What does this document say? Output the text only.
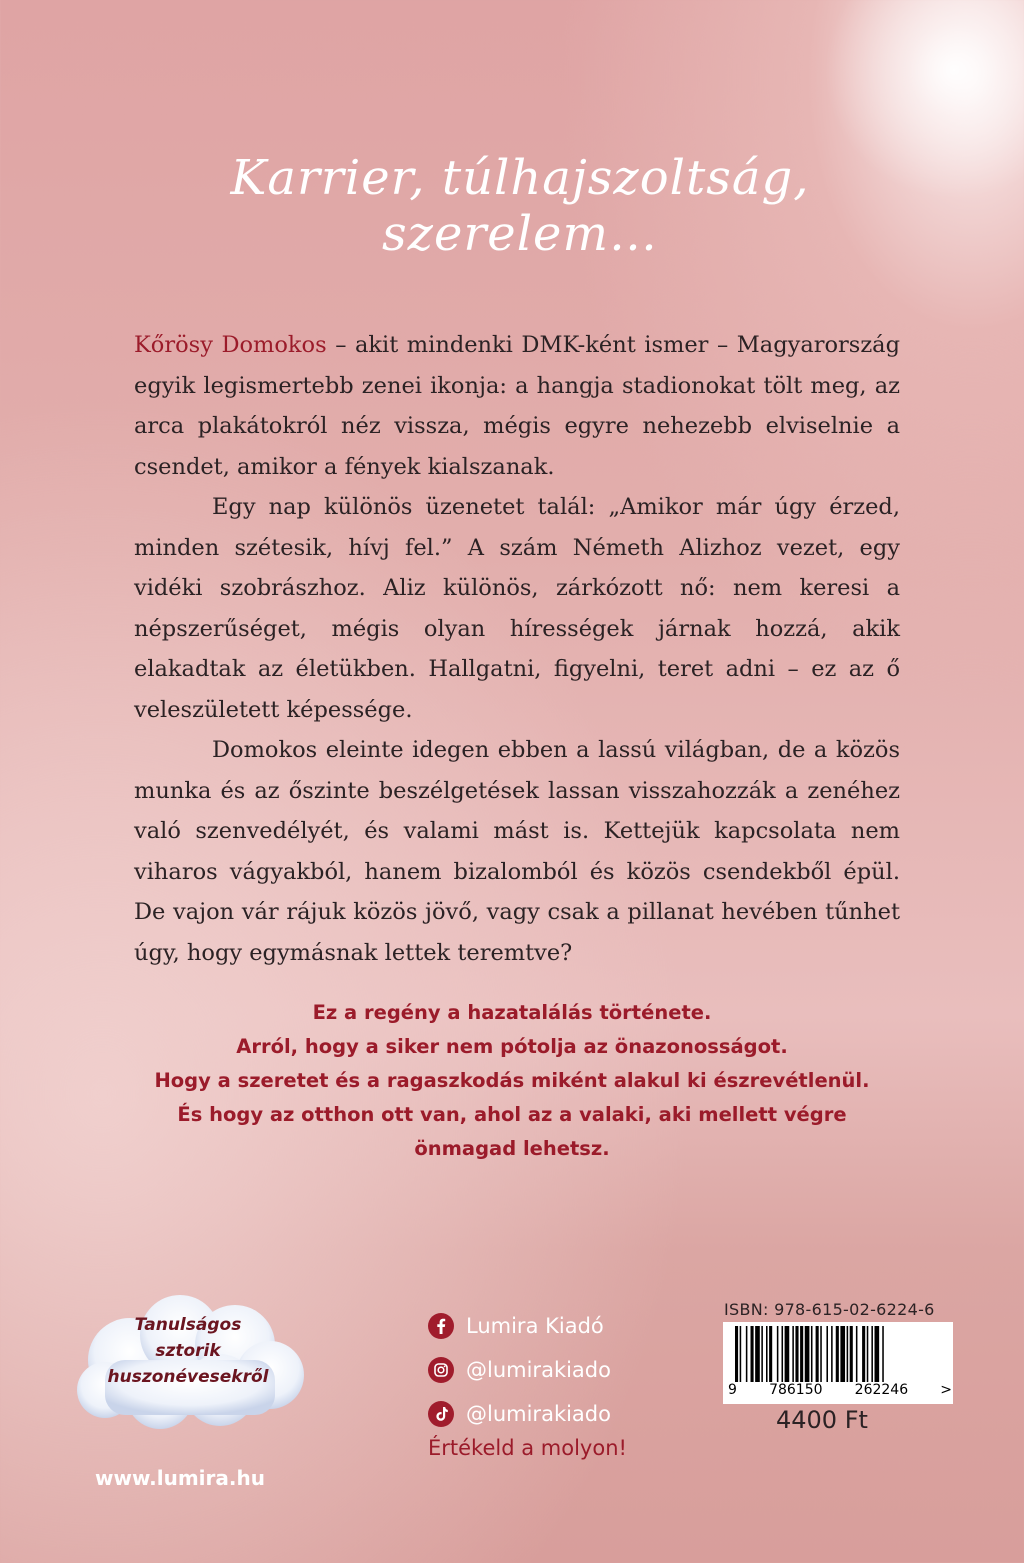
Karrier, túlhajszoltság, szerelem…

Kőrösy Domokos – akit mindenki DMK-ként ismer – Magyarország egyik legismertebb zenei ikonja: a hangja stadionokat tölt meg, az arca plakátokról néz vissza, mégis egyre nehezebb elviselnie a csendet, amikor a fények kialszanak.

Egy nap különös üzenetet talál: „Amikor már úgy érzed, minden szétesik, hívj fel.” A szám Németh Alizhoz vezet, egy vidéki szobrászhoz. Aliz különös, zárkózott nő: nem keresi a népszerűséget, mégis olyan hírességek járnak hozzá, akik elakadtak az életükben. Hallgatni, figyelni, teret adni – ez az ő veleszületett képessége.

Domokos eleinte idegen ebben a lassú világban, de a közös munka és az őszinte beszélgetések lassan visszahozzák a zenéhez való szenvedélyét, és valami mást is. Kettejük kapcsolata nem viharos vágyakból, hanem bizalomból és közös csendekből épül. De vajon vár rájuk közös jövő, vagy csak a pillanat hevében tűnhet úgy, hogy egymásnak lettek teremtve?

Ez a regény a hazatalálás története.
Arról, hogy a siker nem pótolja az önazonosságot.
Hogy a szeretet és a ragaszkodás miként alakul ki észrevétlenül.
És hogy az otthon ott van, ahol az a valaki, aki mellett végre
önmagad lehetsz.
Tanulságos
sztorik
huszonévesekről
www.lumira.hu
Lumira Kiadó
@lumirakiado
@lumirakiado
Értékeld a molyon!
ISBN: 978-615-02-6224-6
9 786150 262246 >
4400 Ft
